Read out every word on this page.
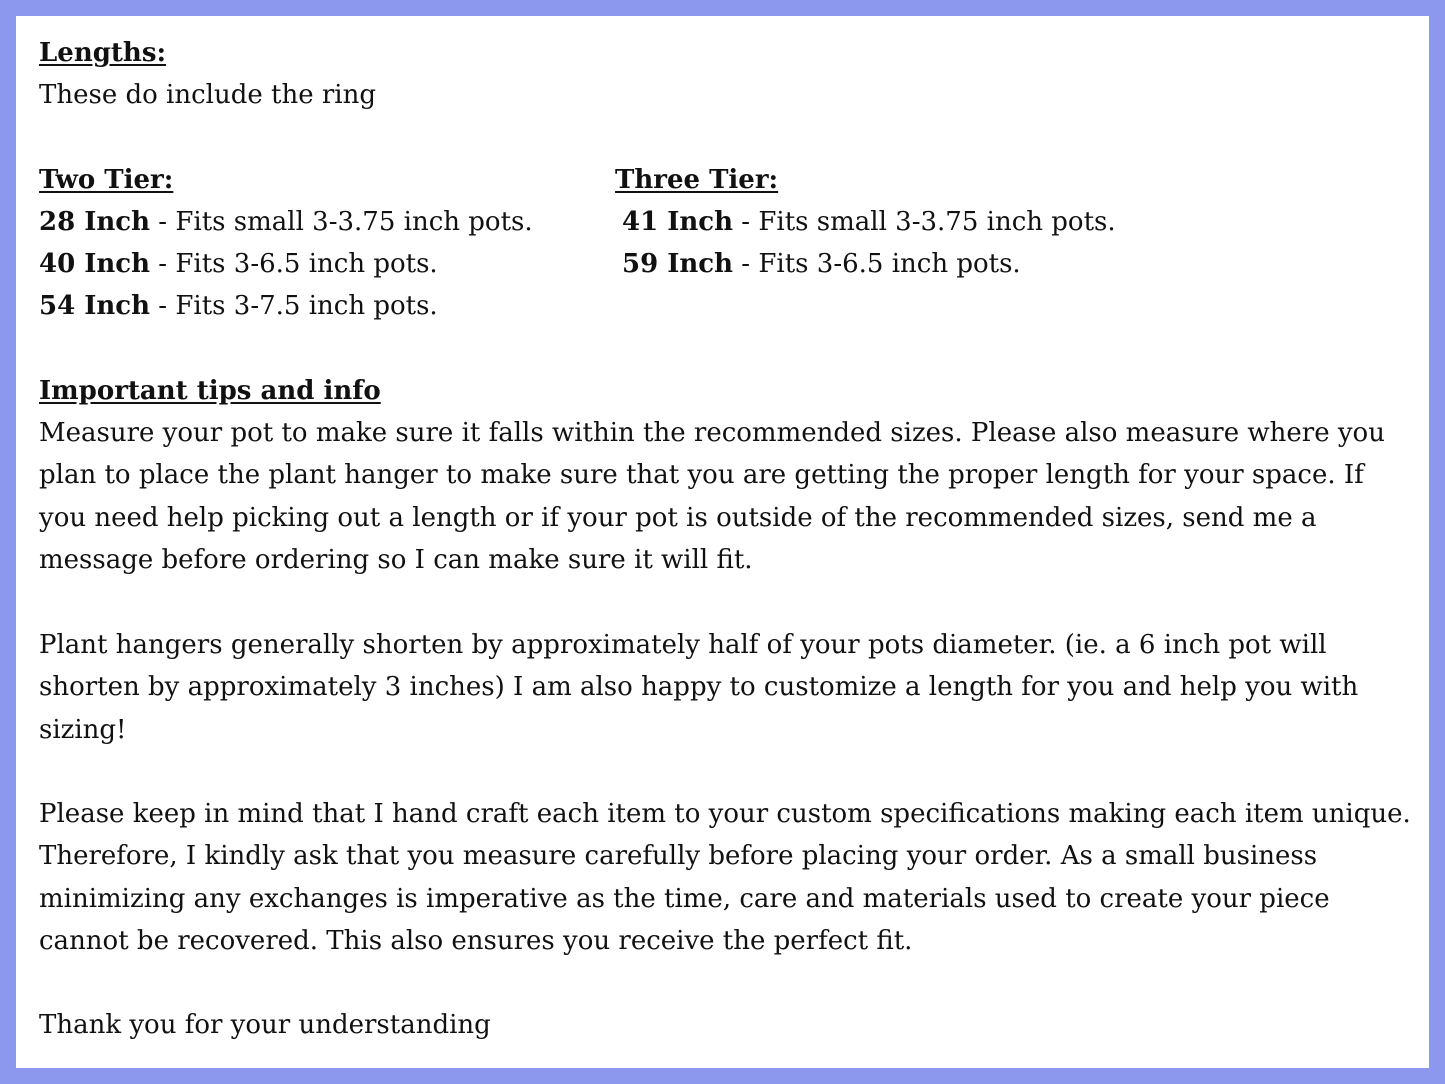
Lengths:
These do include the ring
Two Tier:
28 Inch - Fits small 3-3.75 inch pots.
40 Inch - Fits 3-6.5 inch pots.
54 Inch - Fits 3-7.5 inch pots.
Three Tier:
41 Inch - Fits small 3-3.75 inch pots.
59 Inch - Fits 3-6.5 inch pots.
Important tips and info
Measure your pot to make sure it falls within the recommended sizes. Please also measure where you plan to place the plant hanger to make sure that you are getting the proper length for your space. If you need help picking out a length or if your pot is outside of the recommended sizes, send me a message before ordering so I can make sure it will fit.
Plant hangers generally shorten by approximately half of your pots diameter. (ie. a 6 inch pot will shorten by approximately 3 inches) I am also happy to customize a length for you and help you with sizing!
Please keep in mind that I hand craft each item to your custom specifications making each item unique. Therefore, I kindly ask that you measure carefully before placing your order. As a small business minimizing any exchanges is imperative as the time, care and materials used to create your piece cannot be recovered. This also ensures you receive the perfect fit.
Thank you for your understanding
